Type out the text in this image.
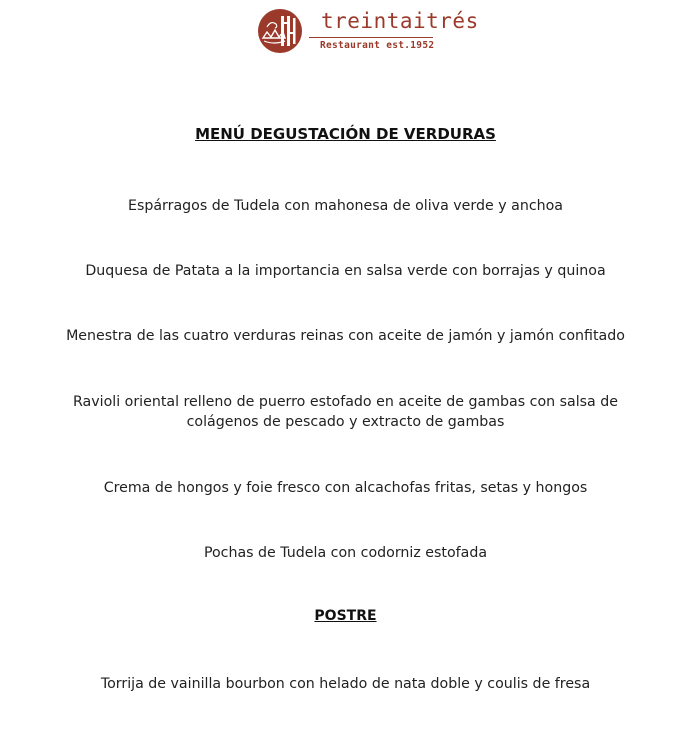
treintaitrés
Restaurant est.1952
MENÚ DEGUSTACIÓN DE VERDURAS
Espárragos de Tudela con mahonesa de oliva verde y anchoa
Duquesa de Patata a la importancia en salsa verde con borrajas y quinoa
Menestra de las cuatro verduras reinas con aceite de jamón y jamón confitado
Ravioli oriental relleno de puerro estofado en aceite de gambas con salsa de
colágenos de pescado y extracto de gambas
Crema de hongos y foie fresco con alcachofas fritas, setas y hongos
Pochas de Tudela con codorniz estofada
POSTRE
Torrija de vainilla bourbon con helado de nata doble y coulis de fresa
